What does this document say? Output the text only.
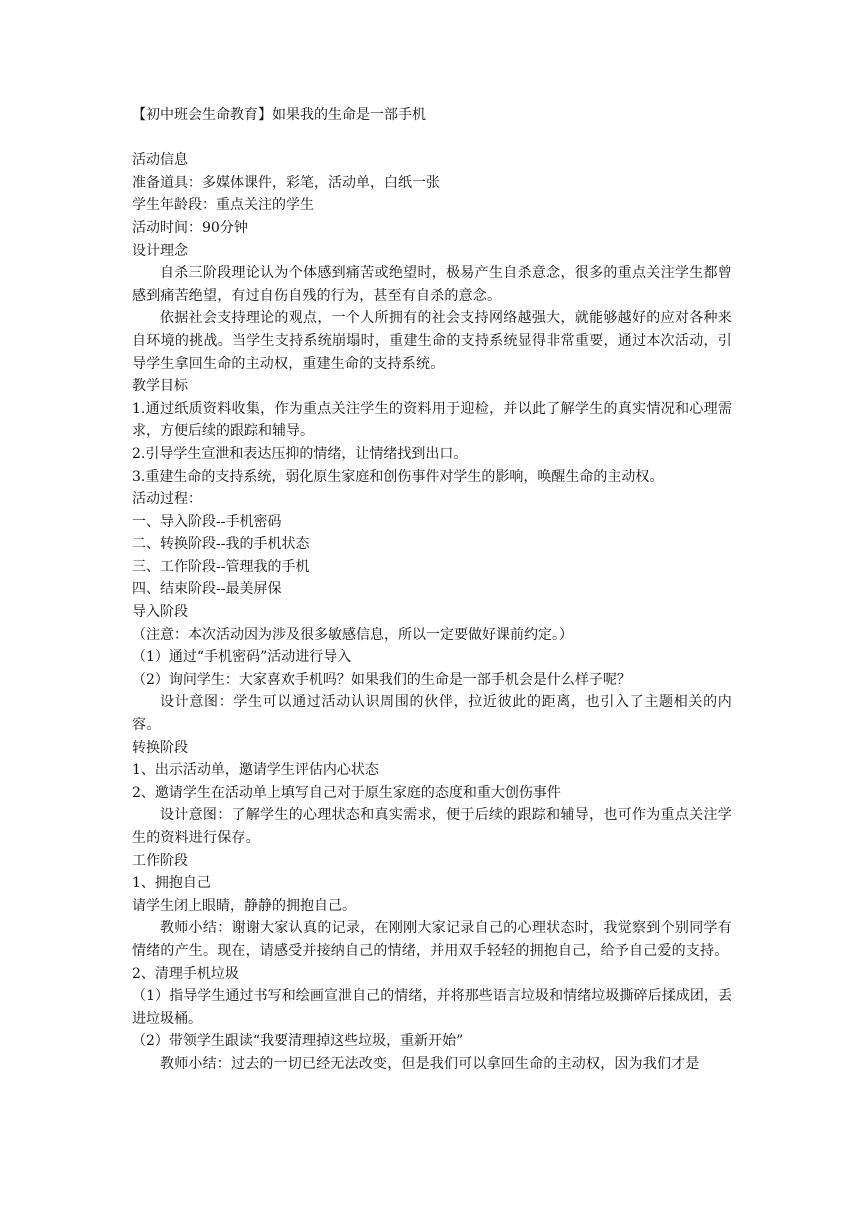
【初中班会生命教育】如果我的生命是一部手机

活动信息

准备道具：多媒体课件，彩笔，活动单，白纸一张

学生年龄段：重点关注的学生

活动时间：90分钟

设计理念

自杀三阶段理论认为个体感到痛苦或绝望时，极易产生自杀意念，很多的重点关注学生都曾感到痛苦绝望，有过自伤自残的行为，甚至有自杀的意念。

依据社会支持理论的观点，一个人所拥有的社会支持网络越强大，就能够越好的应对各种来自环境的挑战。当学生支持系统崩塌时，重建生命的支持系统显得非常重要，通过本次活动，引导学生拿回生命的主动权，重建生命的支持系统。

教学目标

1.通过纸质资料收集，作为重点关注学生的资料用于迎检，并以此了解学生的真实情况和心理需求，方便后续的跟踪和辅导。

2.引导学生宣泄和表达压抑的情绪，让情绪找到出口。

3.重建生命的支持系统，弱化原生家庭和创伤事件对学生的影响，唤醒生命的主动权。

活动过程：

一、导入阶段--手机密码

二、转换阶段--我的手机状态

三、工作阶段--管理我的手机

四、结束阶段--最美屏保

导入阶段

（注意：本次活动因为涉及很多敏感信息，所以一定要做好课前约定。）

（1）通过“手机密码”活动进行导入

（2）询问学生：大家喜欢手机吗？如果我们的生命是一部手机会是什么样子呢？

设计意图：学生可以通过活动认识周围的伙伴，拉近彼此的距离，也引入了主题相关的内容。

转换阶段

1、出示活动单，邀请学生评估内心状态

2、邀请学生在活动单上填写自己对于原生家庭的态度和重大创伤事件

设计意图：了解学生的心理状态和真实需求，便于后续的跟踪和辅导，也可作为重点关注学生的资料进行保存。

工作阶段

1、拥抱自己

请学生闭上眼睛，静静的拥抱自己。

教师小结：谢谢大家认真的记录，在刚刚大家记录自己的心理状态时，我觉察到个别同学有情绪的产生。现在，请感受并接纳自己的情绪，并用双手轻轻的拥抱自己，给予自己爱的支持。

2、清理手机垃圾

（1）指导学生通过书写和绘画宣泄自己的情绪，并将那些语言垃圾和情绪垃圾撕碎后揉成团，丢进垃圾桶。

（2）带领学生跟读“我要清理掉这些垃圾，重新开始”

教师小结：过去的一切已经无法改变，但是我们可以拿回生命的主动权，因为我们才是
